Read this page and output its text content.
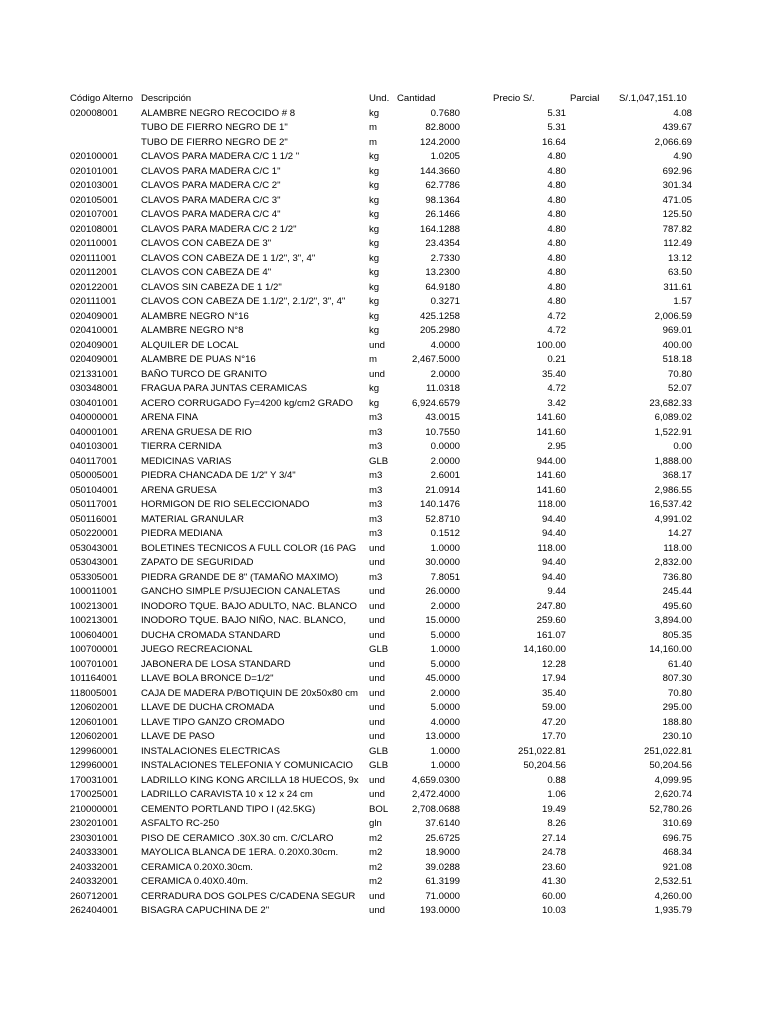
Código Alterno Descripción	Und. Cantidad	Precio S/.	Parcial S/.1,047,151.10
020008001 ALAMBRE NEGRO RECOCIDO # 8	kg	0.7680	5.31	4.08
TUBO DE FIERRO NEGRO DE 1"	m	82.8000	5.31	439.67
TUBO DE FIERRO NEGRO DE 2"	m	124.2000	16.64	2,066.69
020100001 CLAVOS PARA MADERA C/C 1 1/2 "	kg	1.0205	4.80	4.90
020101001 CLAVOS PARA MADERA C/C 1"	kg	144.3660	4.80	692.96
020103001 CLAVOS PARA MADERA C/C 2"	kg	62.7786	4.80	301.34
020105001 CLAVOS PARA MADERA C/C 3"	kg	98.1364	4.80	471.05
020107001 CLAVOS PARA MADERA C/C 4"	kg	26.1466	4.80	125.50
020108001 CLAVOS PARA MADERA C/C 2 1/2"	kg	164.1288	4.80	787.82
020110001 CLAVOS CON CABEZA DE 3"	kg	23.4354	4.80	112.49
020111001	CLAVOS CON CABEZA DE 1 1/2", 3", 4"	kg	2.7330	4.80	13.12
020112001 CLAVOS CON CABEZA DE 4"	kg	13.2300	4.80	63.50
020122001 CLAVOS SIN CABEZA DE 1 1/2"	kg	64.9180	4.80	311.61
020111001	CLAVOS CON CABEZA DE 1.1/2", 2.1/2", 3", 4"	kg	0.3271	4.80	1.57
020409001 ALAMBRE NEGRO N°16	kg	425.1258	4.72	2,006.59
020410001 ALAMBRE NEGRO N°8	kg	205.2980	4.72	969.01
020409001 ALQUILER DE LOCAL	und	4.0000	100.00	400.00
020409001 ALAMBRE DE PUAS N°16	m	2,467.5000	0.21	518.18
021331001 BAÑO TURCO DE GRANITO	und	2.0000	35.40	70.80
030348001 FRAGUA PARA JUNTAS CERAMICAS	kg	11.0318	4.72	52.07
030401001 ACERO CORRUGADO Fy=4200 kg/cm2 GRADO	kg	6,924.6579	3.42	23,682.33
040000001 ARENA FINA	m3	43.0015	141.60	6,089.02
040001001 ARENA GRUESA DE RIO	m3	10.7550	141.60	1,522.91
040103001 TIERRA CERNIDA	m3	0.0000	2.95	0.00
040117001 MEDICINAS VARIAS	GLB	2.0000	944.00	1,888.00
050005001 PIEDRA CHANCADA DE 1/2" Y 3/4"	m3	2.6001	141.60	368.17
050104001 ARENA GRUESA	m3	21.0914	141.60	2,986.55
050117001 HORMIGON DE RIO SELECCIONADO	m3	140.1476	118.00	16,537.42
050116001 MATERIAL GRANULAR	m3	52.8710	94.40	4,991.02
050220001 PIEDRA MEDIANA	m3	0.1512	94.40	14.27
053043001 BOLETINES TECNICOS A FULL COLOR (16 PAG	und	1.0000	118.00	118.00
053043001 ZAPATO DE SEGURIDAD	und	30.0000	94.40	2,832.00
053305001 PIEDRA GRANDE DE 8" (TAMAÑO MAXIMO)	m3	7.8051	94.40	736.80
100011001 GANCHO SIMPLE P/SUJECION CANALETAS	und	26.0000	9.44	245.44
100213001 INODORO TQUE. BAJO ADULTO, NAC. BLANCO	und	2.0000	247.80	495.60
100213001 INODORO TQUE. BAJO NIÑO, NAC. BLANCO,	und	15.0000	259.60	3,894.00
100604001 DUCHA CROMADA STANDARD	und	5.0000	161.07	805.35
100700001 JUEGO RECREACIONAL	GLB	1.0000	14,160.00	14,160.00
100701001 JABONERA DE LOSA STANDARD	und	5.0000	12.28	61.40
101164001 LLAVE BOLA BRONCE D=1/2"	und	45.0000	17.94	807.30
118005001 CAJA DE MADERA P/BOTIQUIN DE 20x50x80 cm	und	2.0000	35.40	70.80
120602001 LLAVE DE DUCHA CROMADA	und	5.0000	59.00	295.00
120601001 LLAVE TIPO GANZO CROMADO	und	4.0000	47.20	188.80
120602001 LLAVE DE PASO	und	13.0000	17.70	230.10
129960001 INSTALACIONES ELECTRICAS	GLB	1.0000	251,022.81	251,022.81
129960001 INSTALACIONES TELEFONIA Y COMUNICACIO	GLB	1.0000	50,204.56	50,204.56
170031001 LADRILLO KING KONG ARCILLA 18 HUECOS, 9x	und	4,659.0300	0.88	4,099.95
170025001 LADRILLO CARAVISTA 10 x 12 x 24 cm	und	2,472.4000	1.06	2,620.74
210000001 CEMENTO PORTLAND TIPO I (42.5KG)	BOL	2,708.0688	19.49	52,780.26
230201001 ASFALTO RC-250	gln	37.6140	8.26	310.69
230301001 PISO DE CERAMICO .30X.30 cm. C/CLARO	m2	25.6725	27.14	696.75
240333001 MAYOLICA BLANCA DE 1ERA. 0.20X0.30cm.	m2	18.9000	24.78	468.34
240332001 CERAMICA 0.20X0.30cm.	m2	39.0288	23.60	921.08
240332001 CERAMICA 0.40X0.40m.	m2	61.3199	41.30	2,532.51
260712001 CERRADURA DOS GOLPES C/CADENA SEGUR	und	71.0000	60.00	4,260.00
262404001 BISAGRA CAPUCHINA DE 2"	und	193.0000	10.03	1,935.79
